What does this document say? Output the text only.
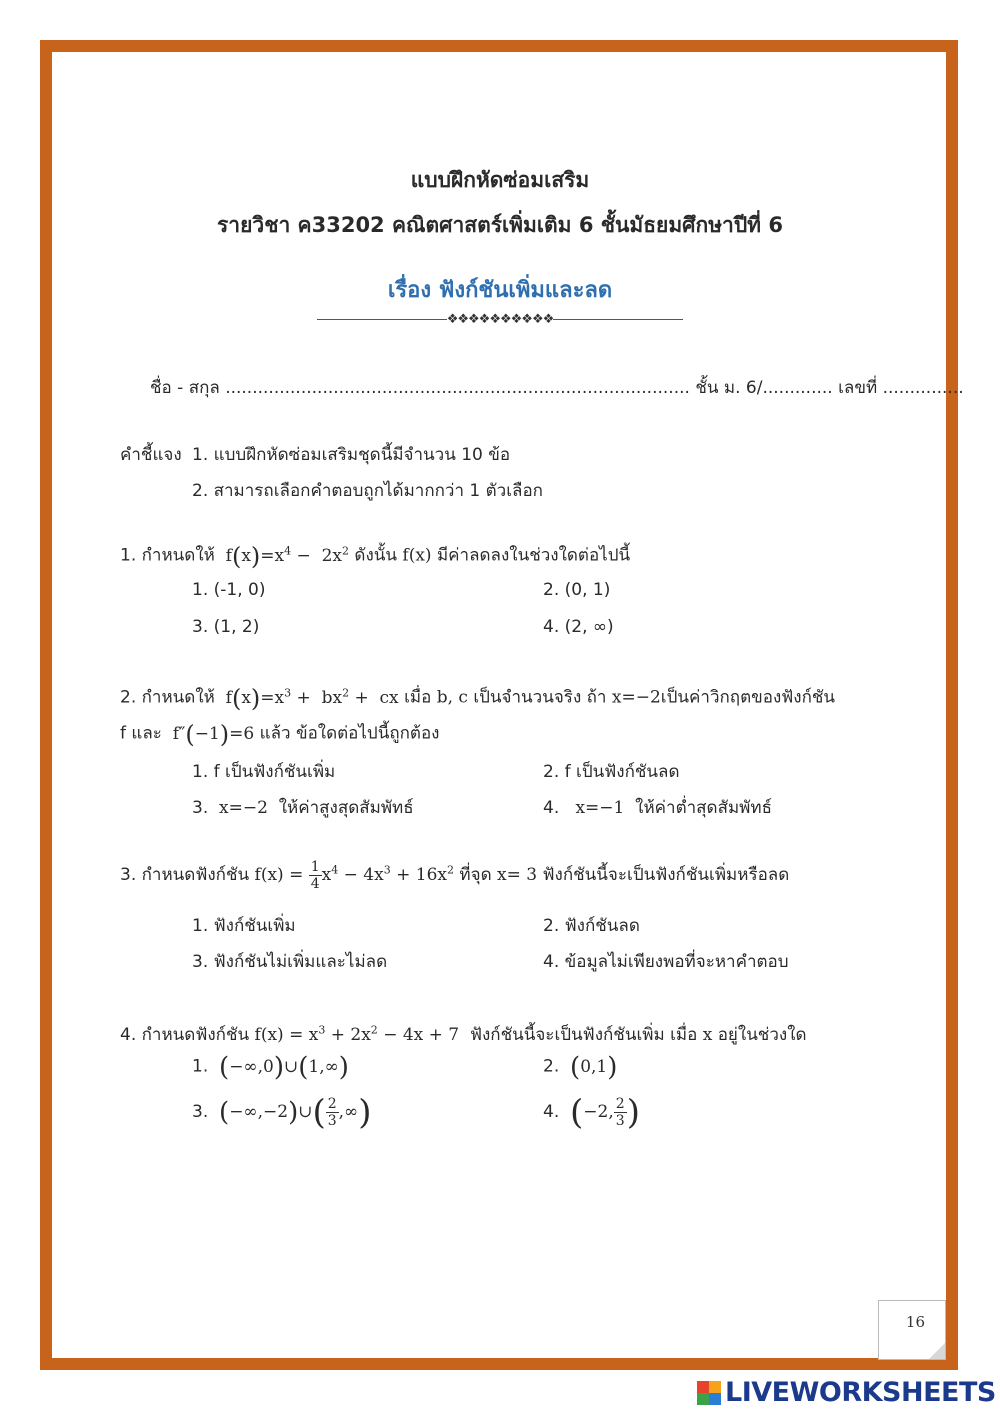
แบบฝึกหัดซ่อมเสริม
รายวิชา ค33202 คณิตศาสตร์เพิ่มเติม 6 ชั้นมัธยมศึกษาปีที่ 6
เรื่อง ฟังก์ชันเพิ่มและลด
❖❖❖❖❖❖❖❖❖❖
ชื่อ - สกุล ...................................................................................... ชั้น ม. 6/............. เลขที่ ...............
คำชี้แจง 1. แบบฝึกหัดซ่อมเสริมชุดนี้มีจำนวน 10 ข้อ
2. สามารถเลือกคำตอบถูกได้มากกว่า 1 ตัวเลือก
1. กำหนดให้  $f(x)=x^4 - 2x^2$ ดังนั้น f(x) มีค่าลดลงในช่วงใดต่อไปนี้
1. (-1, 0)	2. (0, 1)
3. (1, 2)	4. (2, ∞)
2. กำหนดให้  $f(x)=x^3 + bx^2$ +  cx เมื่อ b, c เป็นจำนวนจริง ถ้า x=−2เป็นค่าวิกฤตของฟังก์ชัน
f และ  f″(−1)=6 แล้ว ข้อใดต่อไปนี้ถูกต้อง
1. f เป็นฟังก์ชันเพิ่ม	2. f เป็นฟังก์ชันลด
3.  x=−2 ให้ค่าสูงสุดสัมพัทธ์	4.   x=−1 ให้ค่าต่ำสุดสัมพัทธ์
3. กำหนดฟังก์ชัน $f(x) = \frac{1}{4} x^4 - 4x^3 + 16x^2$ ที่จุด x= 3 ฟังก์ชันนี้จะเป็นฟังก์ชันเพิ่มหรือลด
1. ฟังก์ชันเพิ่ม	2. ฟังก์ชันลด
3. ฟังก์ชันไม่เพิ่มและไม่ลด	4. ข้อมูลไม่เพียงพอที่จะหาคำตอบ
4. กำหนดฟังก์ชัน $f(x) = x^3 + 2x^2 - 4x + 7$ ฟังก์ชันนี้จะเป็นฟังก์ชันเพิ่ม เมื่อ x อยู่ในช่วงใด
1.  (−∞,0)∪(1,∞)	2.  (0,1)
3.  (−∞,−2)∪( $\frac{2}{3}$ ,∞)	4.  (−2, $\frac{2}{3}$ )
16
LIVEWORKSHEETS
